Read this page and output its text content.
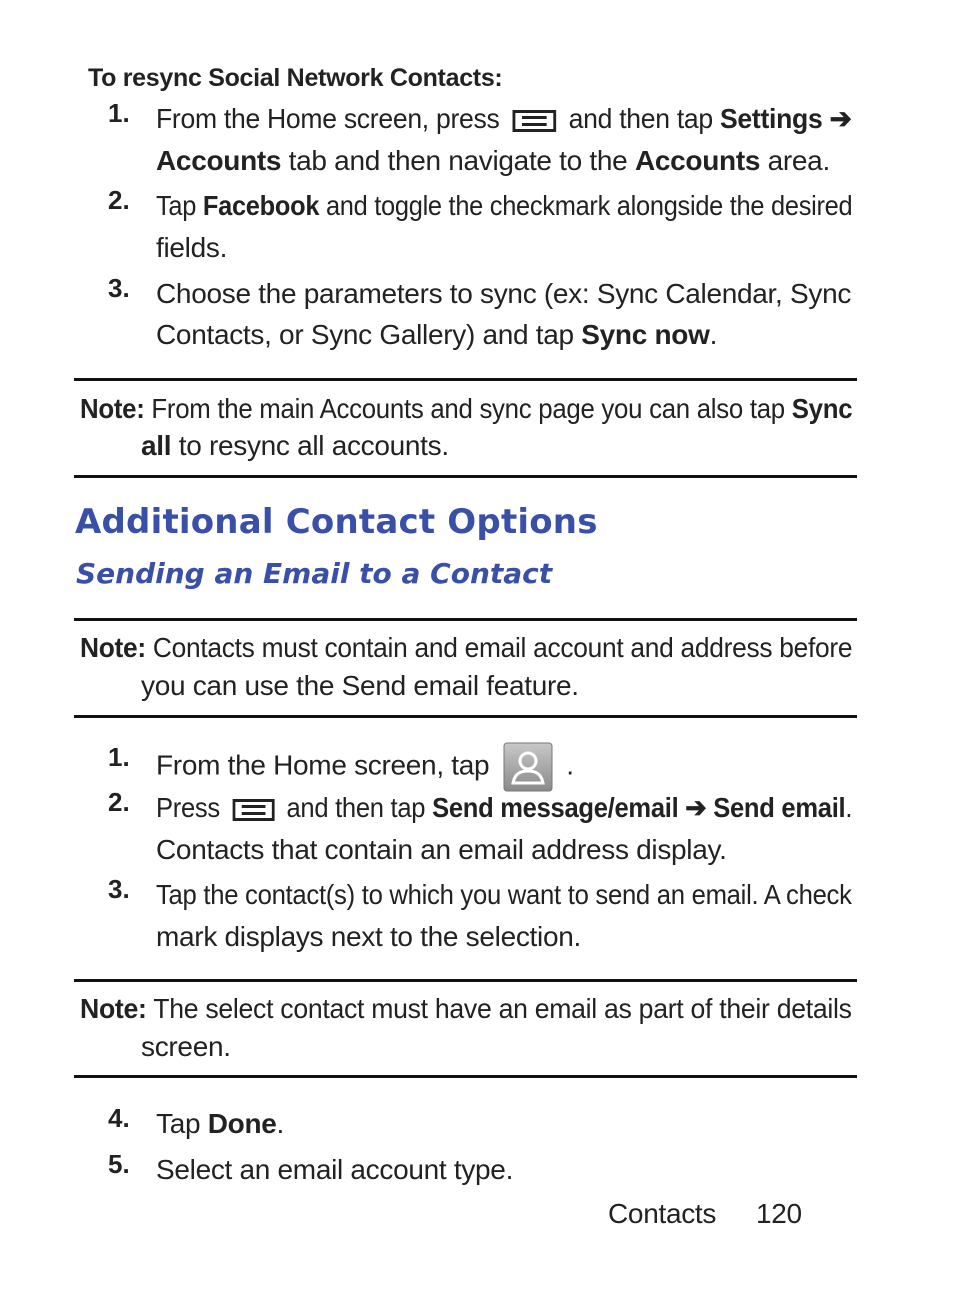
To resync Social Network Contacts:
1. From the Home screen, press and then tap Settings ➔
Accounts tab and then navigate to the Accounts area.
2. Tap Facebook and toggle the checkmark alongside the desired
fields.
3. Choose the parameters to sync (ex: Sync Calendar, Sync
Contacts, or Sync Gallery) and tap Sync now.
Note: From the main Accounts and sync page you can also tap Sync
all to resync all accounts.
Additional Contact Options
Sending an Email to a Contact
Note: Contacts must contain and email account and address before
you can use the Send email feature.
1. From the Home screen, tap	.
2. Press and then tap Send message/email ➔ Send email.
Contacts that contain an email address display.
3. Tap the contact(s) to which you want to send an email. A check
mark displays next to the selection.
Note: The select contact must have an email as part of their details
screen.
4. Tap Done.
5. Select an email account type.
Contacts 120
